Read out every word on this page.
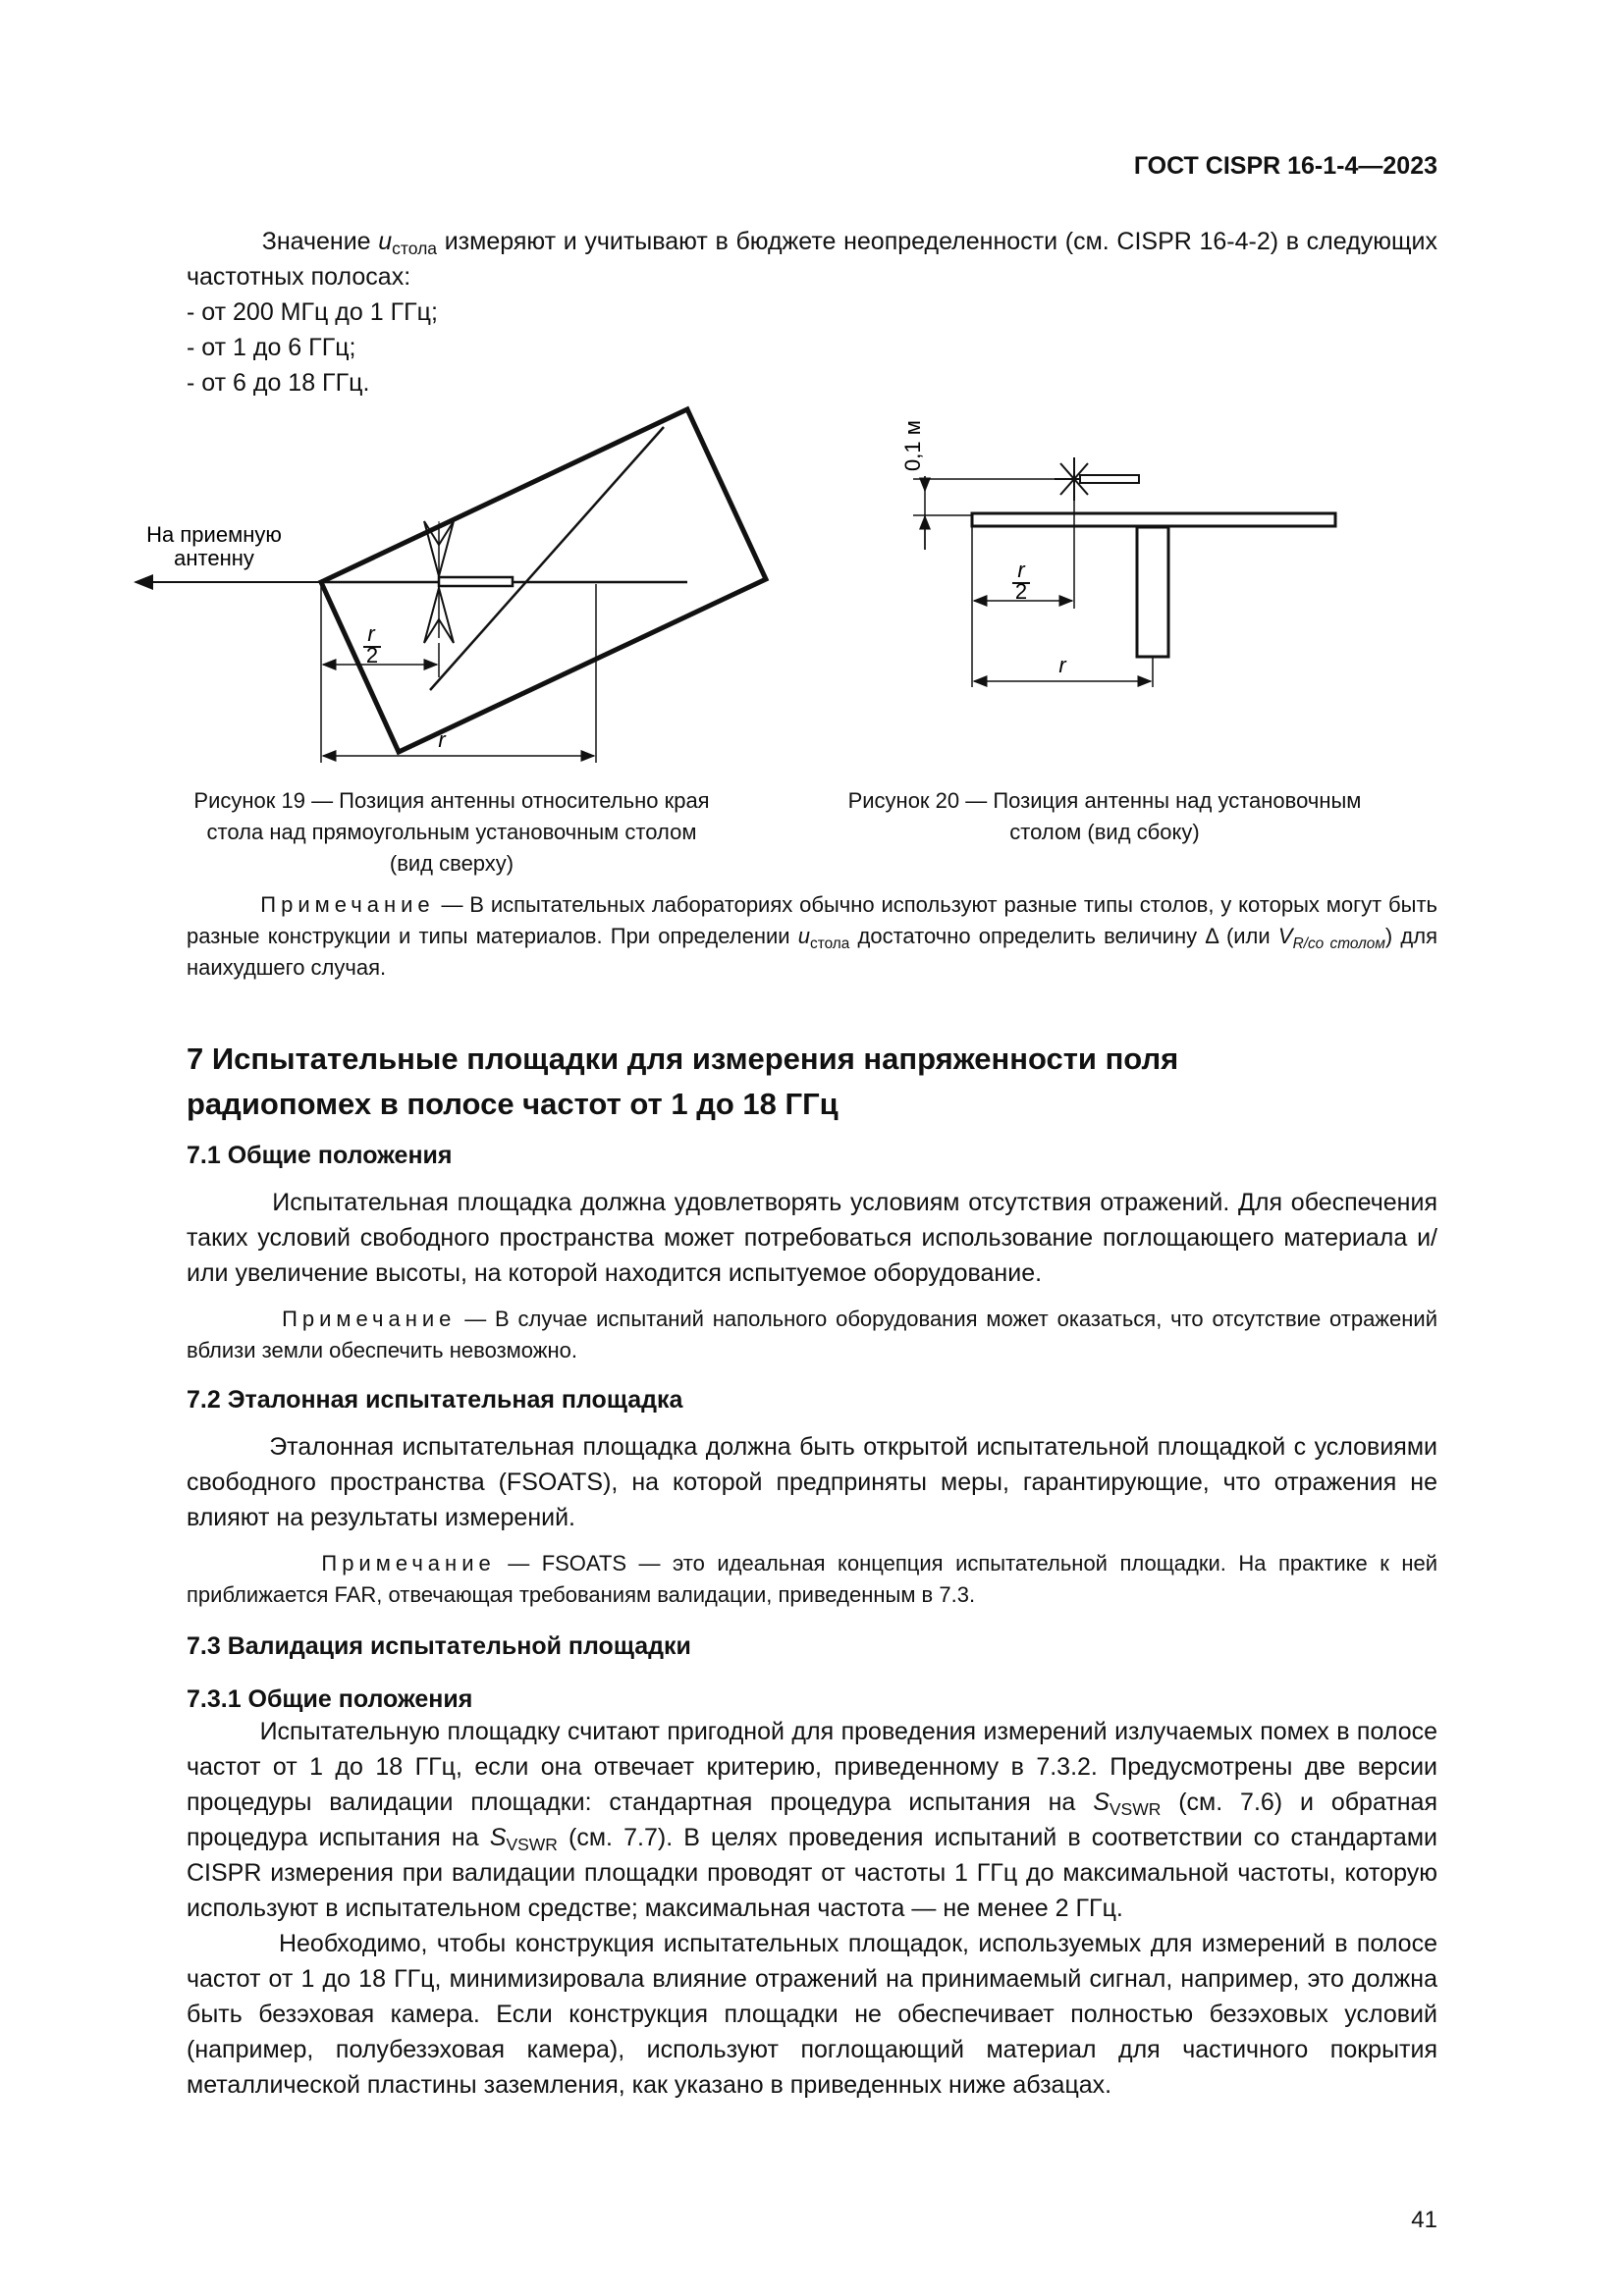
ГОСТ CISPR 16-1-4—2023

Значение $u_{стола}$ измеряют и учитывают в бюджете неопределенности (см. CISPR 16-4-2) в следующих частотных полосах:

- от 200 МГц до 1 ГГц;
- от 1 до 6 ГГц;
- от 6 до 18 ГГц.
r
2
r
На приемную
антенну
Рисунок 19 — Позиция антенны относительно края
стола над прямоугольным установочным столом
(вид сверху)
0,1 м
r
2
r
Рисунок 20 — Позиция антенны над установочным
столом (вид сбоку)

Примечание — В испытательных лабораториях обычно используют разные типы столов, у которых могут быть разные конструкции и типы материалов. При определении $u_{стола}$ достаточно определить величину Δ (или $V_{R/со столом}$) для наихудшего случая.

7 Испытательные площадки для измерения напряженности поля
радиопомех в полосе частот от 1 до 18 ГГц
7.1 Общие положения

Испытательная площадка должна удовлетворять условиям отсутствия отражений. Для обеспечения таких условий свободного пространства может потребоваться использование поглощающего материала и/или увеличение высоты, на которой находится испытуемое оборудование.

Примечание — В случае испытаний напольного оборудования может оказаться, что отсутствие отражений вблизи земли обеспечить невозможно.

7.2 Эталонная испытательная площадка

Эталонная испытательная площадка должна быть открытой испытательной площадкой с условиями свободного пространства (FSOATS), на которой предприняты меры, гарантирующие, что отражения не влияют на результаты измерений.

Примечание — FSOATS — это идеальная концепция испытательной площадки. На практике к ней приближается FAR, отвечающая требованиям валидации, приведенным в 7.3.

7.3 Валидация испытательной площадки
7.3.1 Общие положения

Испытательную площадку считают пригодной для проведения измерений излучаемых помех в полосе частот от 1 до 18 ГГц, если она отвечает критерию, приведенному в 7.3.2. Предусмотрены две версии процедуры валидации площадки: стандартная процедура испытания на $S_{VSWR}$ (см. 7.6) и обратная процедура испытания на $S_{VSWR}$ (см. 7.7). В целях проведения испытаний в соответствии со стандартами CISPR измерения при валидации площадки проводят от частоты 1 ГГц до максимальной частоты, которую используют в испытательном средстве; максимальная частота — не менее 2 ГГц.

Необходимо, чтобы конструкция испытательных площадок, используемых для измерений в полосе частот от 1 до 18 ГГц, минимизировала влияние отражений на принимаемый сигнал, например, это должна быть безэховая камера. Если конструкция площадки не обеспечивает полностью безэховых условий (например, полубезэховая камера), используют поглощающий материал для частичного покрытия металлической пластины заземления, как указано в приведенных ниже абзацах.

41
